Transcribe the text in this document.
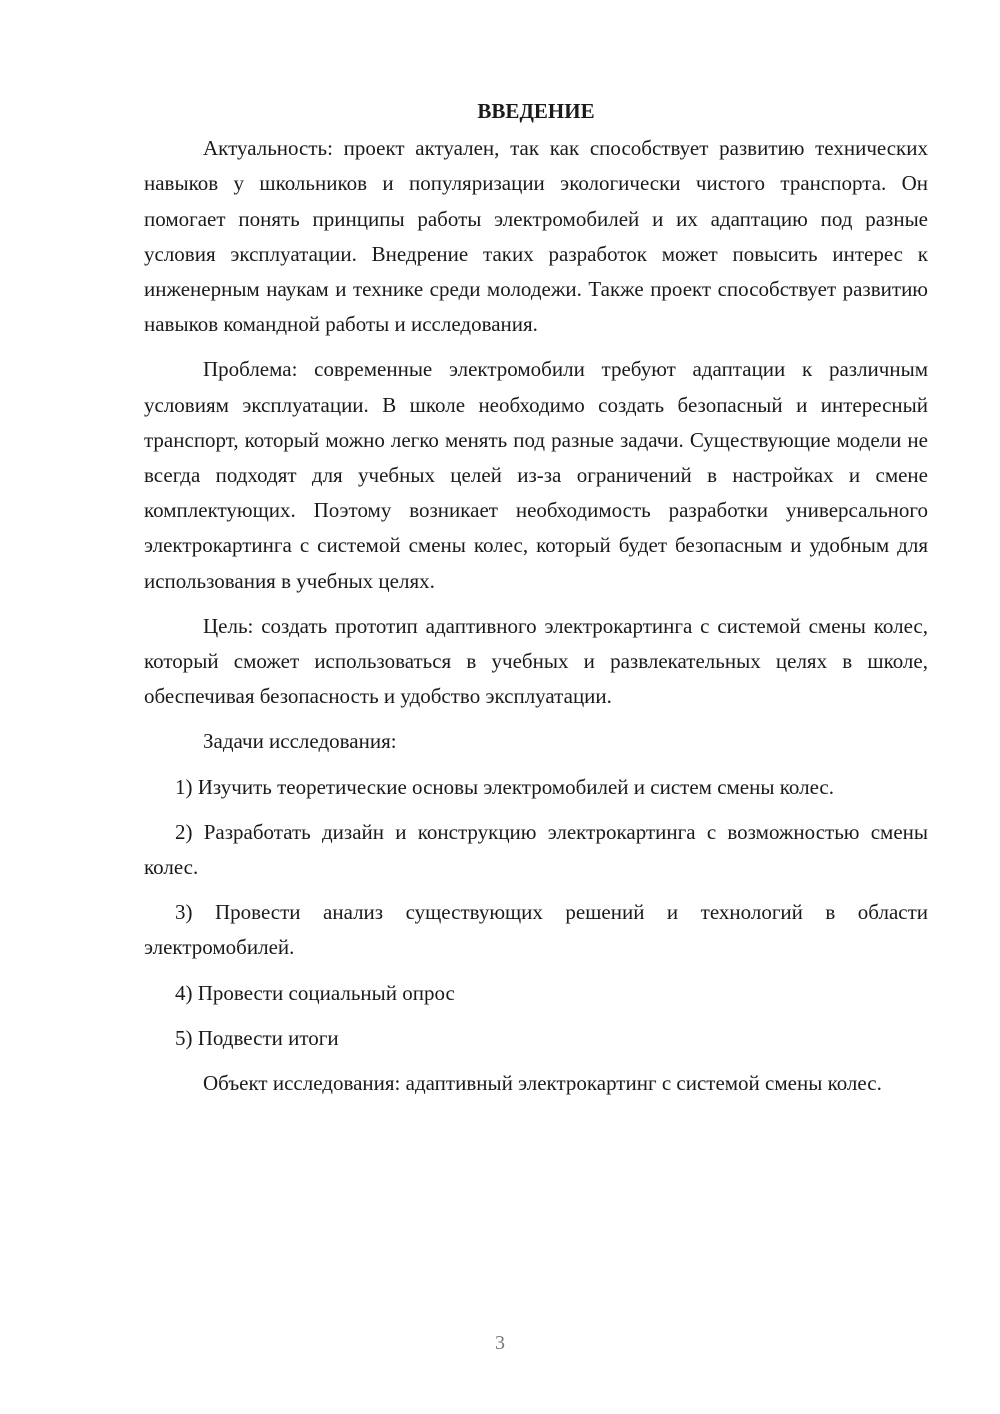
ВВЕДЕНИЕ

Актуальность: проект актуален, так как способствует развитию технических навыков у школьников и популяризации экологически чистого транспорта. Он помогает понять принципы работы электромобилей и их адаптацию под разные условия эксплуатации. Внедрение таких разработок может повысить интерес к инженерным наукам и технике среди молодежи. Также проект способствует развитию навыков командной работы и исследования.

Проблема: современные электромобили требуют адаптации к различным условиям эксплуатации. В школе необходимо создать безопасный и интересный транспорт, который можно легко менять под разные задачи. Существующие модели не всегда подходят для учебных целей из-за ограничений в настройках и смене комплектующих. Поэтому возникает необходимость разработки универсального электрокартинга с системой смены колес, который будет безопасным и удобным для использования в учебных целях.

Цель: создать прототип адаптивного электрокартинга с системой смены колес, который сможет использоваться в учебных и развлекательных целях в школе, обеспечивая безопасность и удобство эксплуатации.

Задачи исследования:

1) Изучить теоретические основы электромобилей и систем смены колес.

2) Разработать дизайн и конструкцию электрокартинга с возможностью смены колес.

3) Провести анализ существующих решений и технологий в области электромобилей.

4) Провести социальный опрос

5) Подвести итоги

Объект исследования: адаптивный электрокартинг с системой смены колес.

3
